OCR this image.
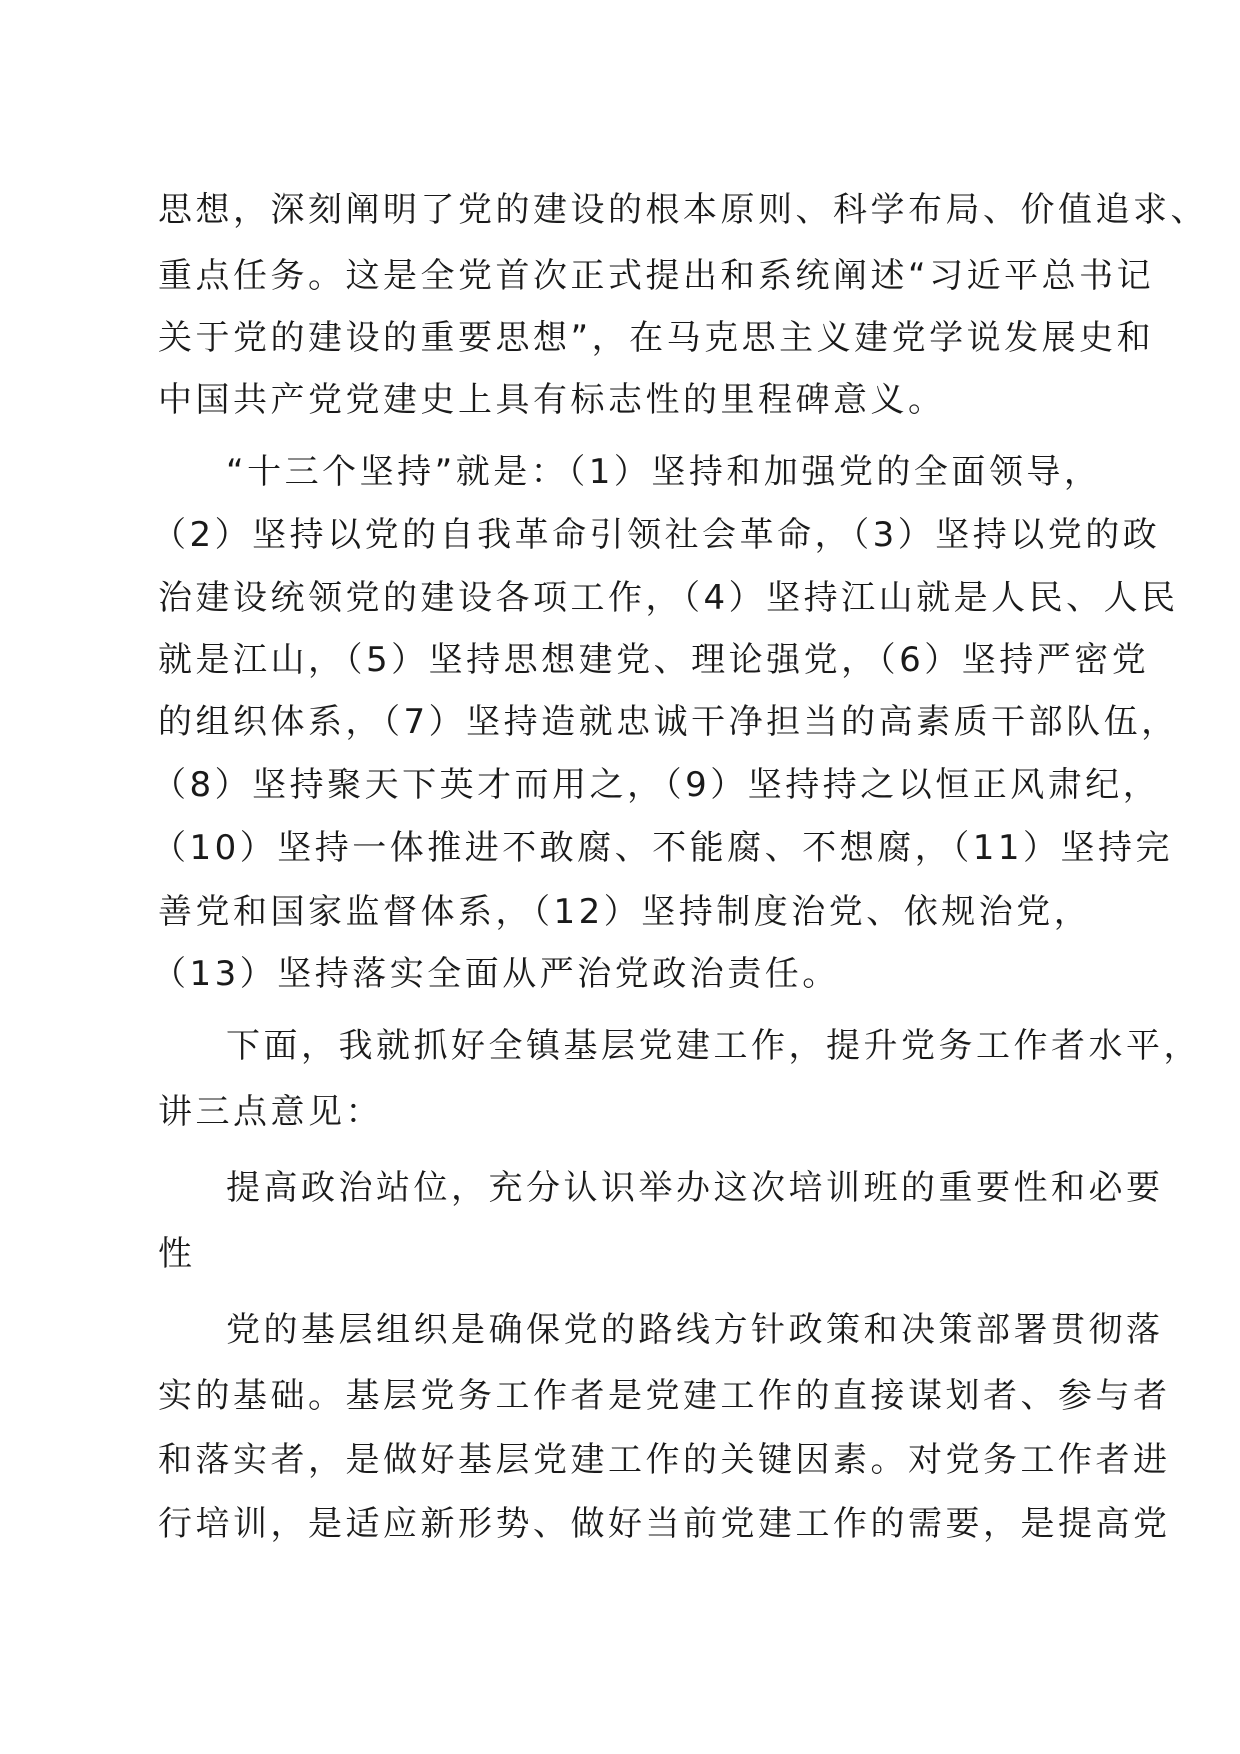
思想，深刻阐明了党的建设的根本原则、科学布局、价值追求、
重点任务。这是全党首次正式提出和系统阐述“习近平总书记
关于党的建设的重要思想”，在马克思主义建党学说发展史和
中国共产党党建史上具有标志性的里程碑意义。
“十三个坚持”就是：（1）坚持和加强党的全面领导，
（2）坚持以党的自我革命引领社会革命，（3）坚持以党的政
治建设统领党的建设各项工作，（4）坚持江山就是人民、人民
就是江山，（5）坚持思想建党、理论强党，（6）坚持严密党
的组织体系，（7）坚持造就忠诚干净担当的高素质干部队伍，
（8）坚持聚天下英才而用之，（9）坚持持之以恒正风肃纪，
（10）坚持一体推进不敢腐、不能腐、不想腐，（11）坚持完
善党和国家监督体系，（12）坚持制度治党、依规治党，
（13）坚持落实全面从严治党政治责任。
下面，我就抓好全镇基层党建工作，提升党务工作者水平，
讲三点意见：
提高政治站位，充分认识举办这次培训班的重要性和必要
性
党的基层组织是确保党的路线方针政策和决策部署贯彻落
实的基础。基层党务工作者是党建工作的直接谋划者、参与者
和落实者，是做好基层党建工作的关键因素。对党务工作者进
行培训，是适应新形势、做好当前党建工作的需要，是提高党
